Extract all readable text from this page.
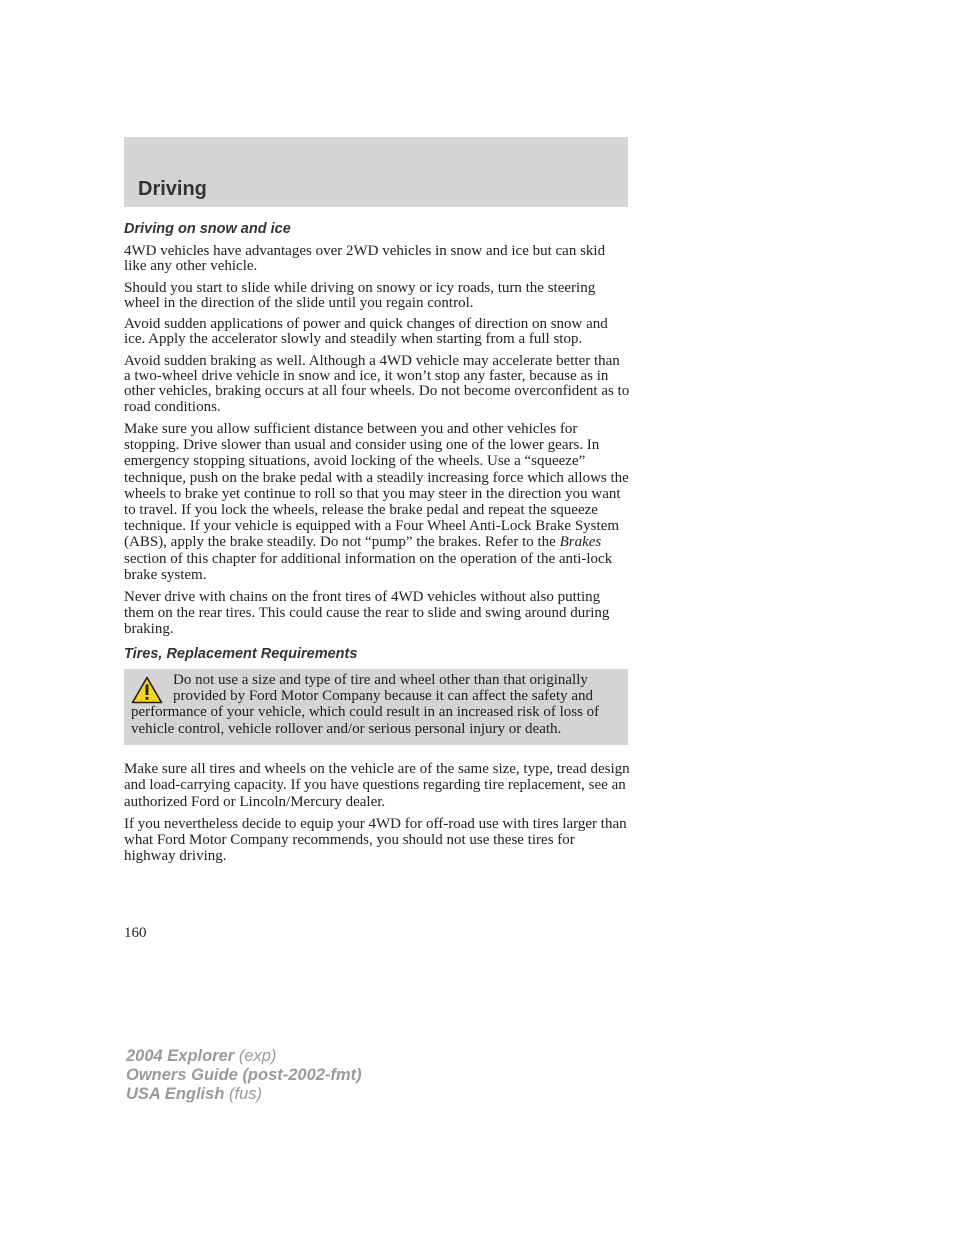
Driving
Driving on snow and ice

4WD vehicles have advantages over 2WD vehicles in snow and ice but can skid like any other vehicle.

Should you start to slide while driving on snowy or icy roads, turn the steering wheel in the direction of the slide until you regain control.

Avoid sudden applications of power and quick changes of direction on snow and ice. Apply the accelerator slowly and steadily when starting from a full stop.

Avoid sudden braking as well. Although a 4WD vehicle may accelerate better than a two-wheel drive vehicle in snow and ice, it won’t stop any faster, because as in other vehicles, braking occurs at all four wheels. Do not become overconfident as to road conditions.

Make sure you allow sufficient distance between you and other vehicles for stopping. Drive slower than usual and consider using one of the lower gears. In emergency stopping situations, avoid locking of the wheels. Use a “squeeze” technique, push on the brake pedal with a steadily increasing force which allows the wheels to brake yet continue to roll so that you may steer in the direction you want to travel. If you lock the wheels, release the brake pedal and repeat the squeeze technique. If your vehicle is equipped with a Four Wheel Anti-Lock Brake System (ABS), apply the brake steadily. Do not “pump” the brakes. Refer to the Brakes section of this chapter for additional information on the operation of the anti-lock brake system.

Never drive with chains on the front tires of 4WD vehicles without also putting them on the rear tires. This could cause the rear to slide and swing around during braking.

Tires, Replacement Requirements
Do not use a size and type of tire and wheel other than that originally provided by Ford Motor Company because it can affect the safety and performance of your vehicle, which could result in an increased risk of loss of vehicle control, vehicle rollover and/or serious personal injury or death.

Make sure all tires and wheels on the vehicle are of the same size, type, tread design and load-carrying capacity. If you have questions regarding tire replacement, see an authorized Ford or Lincoln/Mercury dealer.

If you nevertheless decide to equip your 4WD for off-road use with tires larger than what Ford Motor Company recommends, you should not use these tires for highway driving.

160
2004 Explorer (exp)
Owners Guide (post-2002-fmt)
USA English (fus)
